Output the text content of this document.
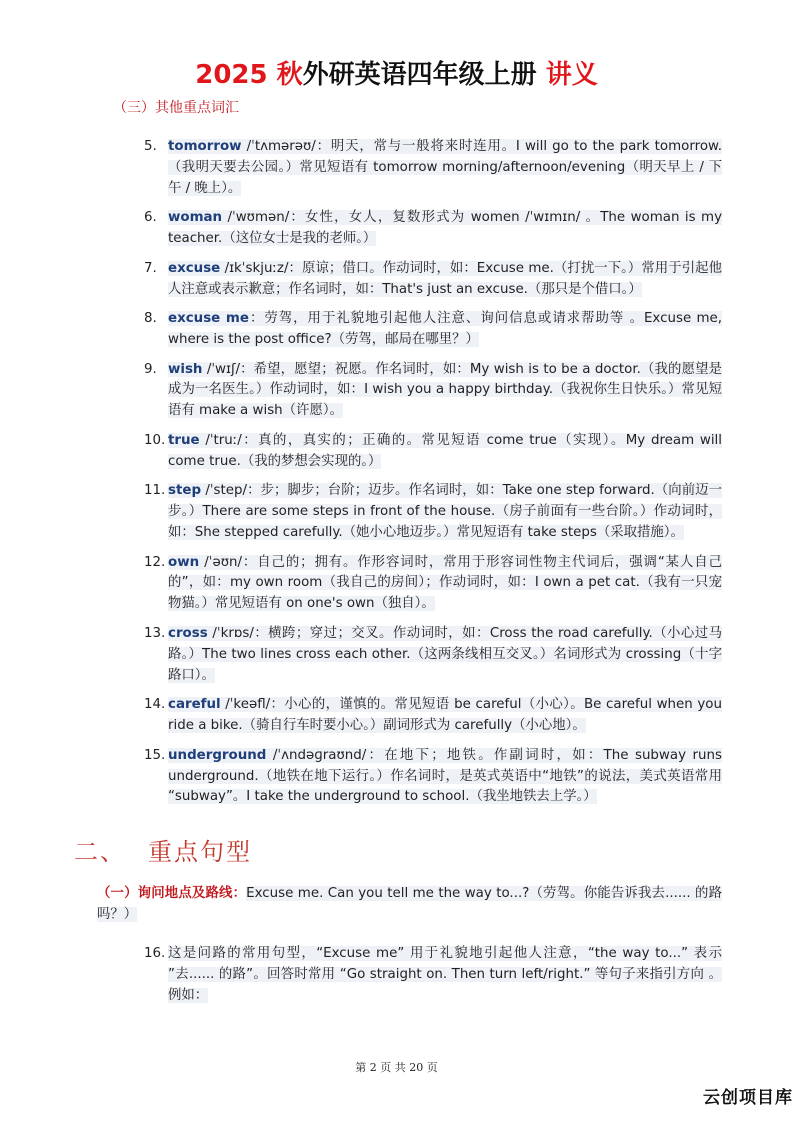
2025 秋外研英语四年级上册 讲义
（三）其他重点词汇
5. tomorrow /ˈtʌmərəʊ/：明天，常与一般将来时连用。I will go to the park tomorrow.（我明天要去公园。）常见短语有 tomorrow morning/afternoon/evening（明天早上 / 下午 / 晚上）。
6. woman /ˈwʊmən/：女性，女人，复数形式为 women /ˈwɪmɪn/ 。The woman is my teacher.（这位女士是我的老师。）
7. excuse /ɪkˈskjuːz/：原谅；借口。作动词时，如：Excuse me.（打扰一下。）常用于引起他人注意或表示歉意；作名词时，如：That's just an excuse.（那只是个借口。）
8. excuse me：劳驾，用于礼貌地引起他人注意、询问信息或请求帮助等 。Excuse me, where is the post office?（劳驾，邮局在哪里？）
9. wish /ˈwɪʃ/：希望，愿望；祝愿。作名词时，如：My wish is to be a doctor.（我的愿望是成为一名医生。）作动词时，如：I wish you a happy birthday.（我祝你生日快乐。）常见短语有 make a wish（许愿）。
10. true /ˈtruː/：真的，真实的；正确的。常见短语 come true（实现）。My dream will come true.（我的梦想会实现的。）
11. step /ˈstep/：步；脚步；台阶；迈步。作名词时，如：Take one step forward.（向前迈一步。）There are some steps in front of the house.（房子前面有一些台阶。）作动词时，如：She stepped carefully.（她小心地迈步。）常见短语有 take steps（采取措施）。
12. own /ˈəʊn/：自己的；拥有。作形容词时，常用于形容词性物主代词后，强调“某人自己的”，如：my own room（我自己的房间）；作动词时，如：I own a pet cat.（我有一只宠物猫。）常见短语有 on one's own（独自）。
13. cross /ˈkrɒs/：横跨；穿过；交叉。作动词时，如：Cross the road carefully.（小心过马路。）The two lines cross each other.（这两条线相互交叉。）名词形式为 crossing（十字路口）。
14. careful /ˈkeəfl/：小心的，谨慎的。常见短语 be careful（小心）。Be careful when you ride a bike.（骑自行车时要小心。）副词形式为 carefully（小心地）。
15. underground /ˈʌndəɡraʊnd/：在地下；地铁。作副词时，如：The subway runs underground.（地铁在地下运行。）作名词时，是英式英语中“地铁”的说法，美式英语常用 “subway”。I take the underground to school.（我坐地铁去上学。）
二、 重点句型
（一）询问地点及路线：Excuse me. Can you tell me the way to...?（劳驾。你能告诉我去...... 的路吗？）
16. 这是问路的常用句型，“Excuse me” 用于礼貌地引起他人注意，“the way to...” 表示 ”去...... 的路”。回答时常用 “Go straight on. Then turn left/right.” 等句子来指引方向 。例如：
第 2 页 共 20 页
云创项目库
